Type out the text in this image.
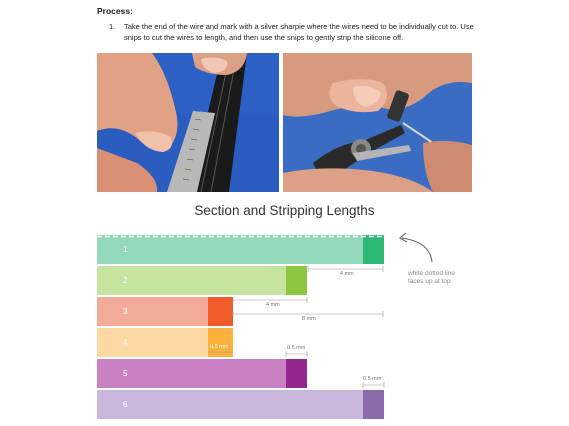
Process:
1. Take the end of the wire and mark with a silver sharpie where the wires need to be individually cut to. Use snips to cut the wires to length, and then use the snips to gently strip the silicone off.
Section and Stripping Lengths
1
2
3
4
5
6
4 mm
4 mm
8 mm
0.5 mm	0.5 mm
0.5 mm
white dotted line
faces up at top
